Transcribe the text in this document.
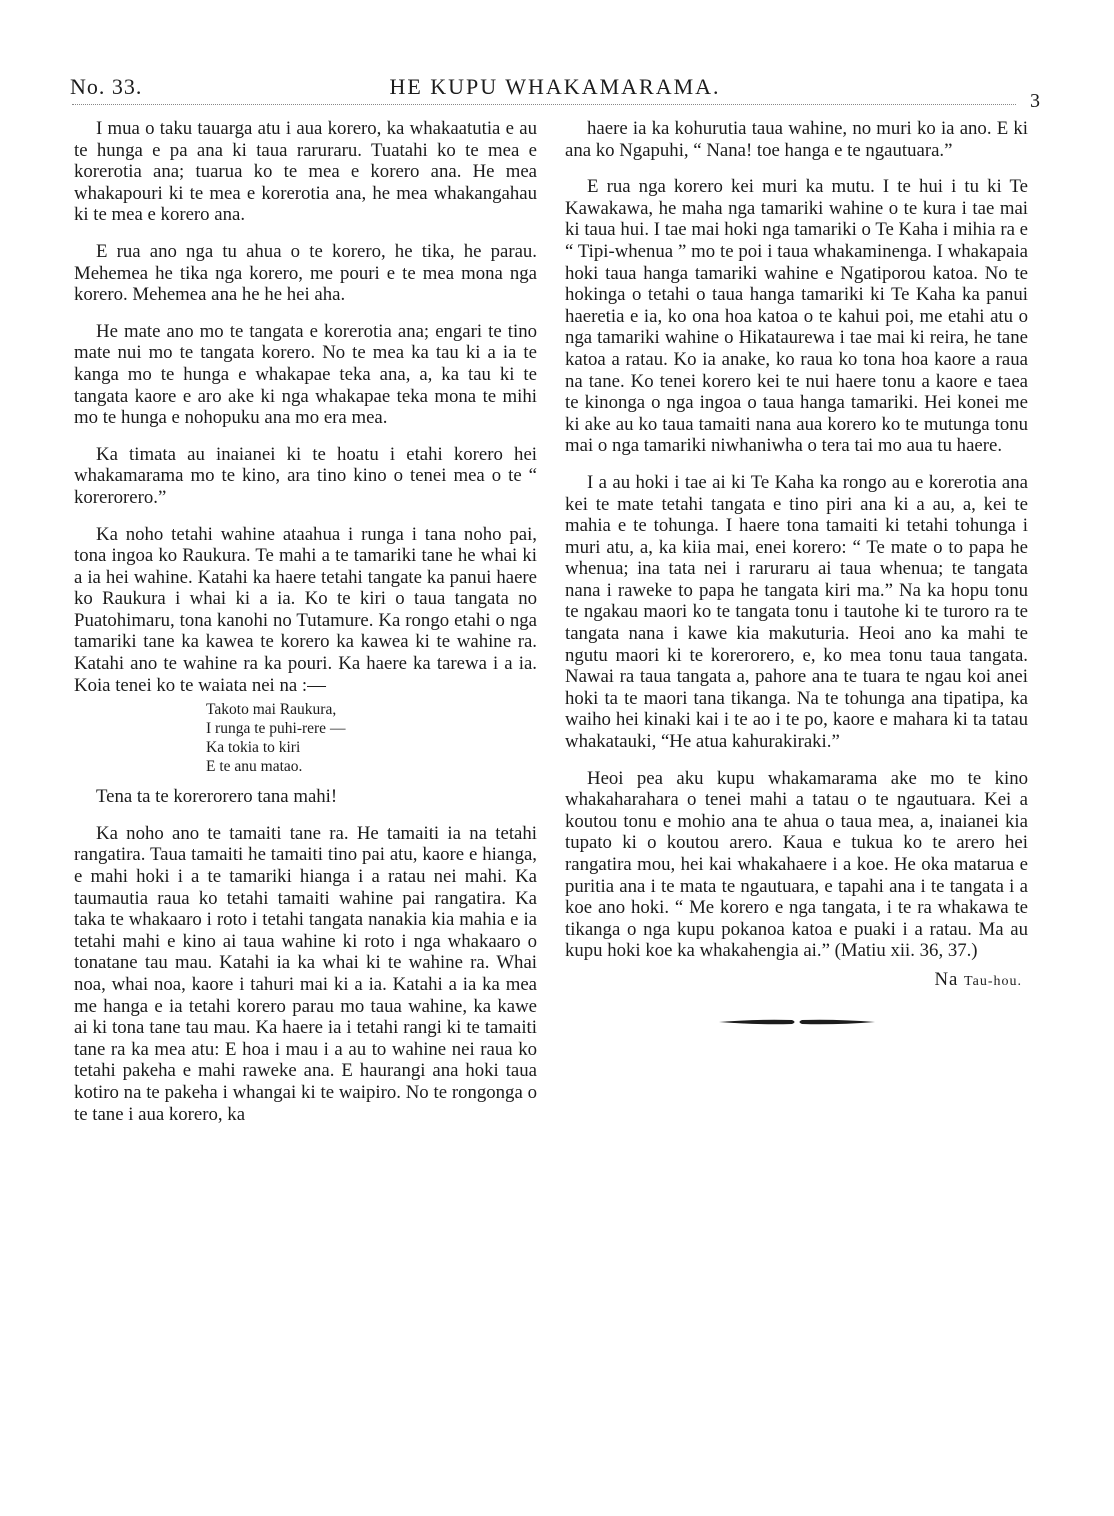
No. 33.	HE KUPU WHAKAMARAMA.
3

I mua o taku tauarga atu i aua korero, ka whakaatutia e au te hunga e pa ana ki taua raruraru. Tuatahi ko te mea e korerotia ana; tuarua ko te mea e korero ana. He mea whakapouri ki te mea e korerotia ana, he mea whakangahau ki te mea e korero ana.

E rua ano nga tu ahua o te korero, he tika, he parau. Mehemea he tika nga korero, me pouri e te mea mona nga korero. Mehemea ana he he hei aha.

He mate ano mo te tangata e korerotia ana; engari te tino mate nui mo te tangata korero. No te mea ka tau ki a ia te kanga mo te hunga e whakapae teka ana, a, ka tau ki te tangata kaore e aro ake ki nga whakapae teka mona te mihi mo te hunga e nohopuku ana mo era mea.

Ka timata au inaianei ki te hoatu i etahi korero hei whakamarama mo te kino, ara tino kino o tenei mea o te “ korerorero.”

Ka noho tetahi wahine ataahua i runga i tana noho pai, tona ingoa ko Raukura. Te mahi a te tamariki tane he whai ki a ia hei wahine. Katahi ka haere tetahi tangate ka panui haere ko Raukura i whai ki a ia. Ko te kiri o taua tangata no Puatohimaru, tona kanohi no Tutamure. Ka rongo etahi o nga tamariki tane ka kawea te korero ka kawea ki te wahine ra. Katahi ano te wahine ra ka pouri. Ka haere ka tarewa i a ia. Koia tenei ko te waiata nei na :—

Takoto mai Raukura,
I runga te puhi-rere —
Ka tokia to kiri
E te anu matao.

Tena ta te korerorero tana mahi!

Ka noho ano te tamaiti tane ra. He tamaiti ia na tetahi rangatira. Taua tamaiti he tamaiti tino pai atu, kaore e hianga, e mahi hoki i a te tamariki hianga i a ratau nei mahi. Ka taumautia raua ko tetahi tamaiti wahine pai rangatira. Ka taka te whakaaro i roto i tetahi tangata nanakia kia mahia e ia tetahi mahi e kino ai taua wahine ki roto i nga whakaaro o tonatane tau mau. Katahi ia ka whai ki te wahine ra. Whai noa, whai noa, kaore i tahuri mai ki a ia. Katahi a ia ka mea me hanga e ia tetahi korero parau mo taua wahine, ka kawe ai ki tona tane tau mau. Ka haere ia i tetahi rangi ki te tamaiti tane ra ka mea atu: E hoa i mau i a au to wahine nei raua ko tetahi pakeha e mahi raweke ana. E haurangi ana hoki taua kotiro na te pakeha i whangai ki te waipiro. No te rongonga o te tane i aua korero, ka

haere ia ka kohurutia taua wahine, no muri ko ia ano. E ki ana ko Ngapuhi, “ Nana! toe hanga e te ngautuara.”

E rua nga korero kei muri ka mutu. I te hui i tu ki Te Kawakawa, he maha nga tamariki wahine o te kura i tae mai ki taua hui. I tae mai hoki nga tamariki o Te Kaha i mihia ra e “ Tipi-whenua ” mo te poi i taua whakaminenga. I whakapaia hoki taua hanga tamariki wahine e Ngatiporou katoa. No te hokinga o tetahi o taua hanga tamariki ki Te Kaha ka panui haeretia e ia, ko ona hoa katoa o te kahui poi, me etahi atu o nga tamariki wahine o Hikataurewa i tae mai ki reira, he tane katoa a ratau. Ko ia anake, ko raua ko tona hoa kaore a raua na tane. Ko tenei korero kei te nui haere tonu a kaore e taea te kinonga o nga ingoa o taua hanga tamariki. Hei konei me ki ake au ko taua tamaiti nana aua korero ko te mutunga tonu mai o nga tamariki niwhaniwha o tera tai mo aua tu haere.

I a au hoki i tae ai ki Te Kaha ka rongo au e korerotia ana kei te mate tetahi tangata e tino piri ana ki a au, a, kei te mahia e te tohunga. I haere tona tamaiti ki tetahi tohunga i muri atu, a, ka kiia mai, enei korero: “ Te mate o to papa he whenua; ina tata nei i raruraru ai taua whenua; te tangata nana i raweke to papa he tangata kiri ma.” Na ka hopu tonu te ngakau maori ko te tangata tonu i tautohe ki te turoro ra te tangata nana i kawe kia makuturia. Heoi ano ka mahi te ngutu maori ki te korerorero, e, ko mea tonu taua tangata. Nawai ra taua tangata a, pahore ana te tuara te ngau koi anei hoki ta te maori tana tikanga. Na te tohunga ana tipatipa, ka waiho hei kinaki kai i te ao i te po, kaore e mahara ki ta tatau whakatauki, “He atua kahurakiraki.”

Heoi pea aku kupu whakamarama ake mo te kino whakaharahara o tenei mahi a tatau o te ngautuara. Kei a koutou tonu e mohio ana te ahua o taua mea, a, inaianei kia tupato ki o koutou arero. Kaua e tukua ko te arero hei rangatira mou, hei kai whakahaere i a koe. He oka matarua e puritia ana i te mata te ngautuara, e tapahi ana i te tangata i a koe ano hoki. “ Me korero e nga tangata, i te ra whakawa te tikanga o nga kupu pokanoa katoa e puaki i a ratau. Ma au kupu hoki koe ka whakahengia ai.” (Matiu xii. 36, 37.)

Na Tau-hou.
